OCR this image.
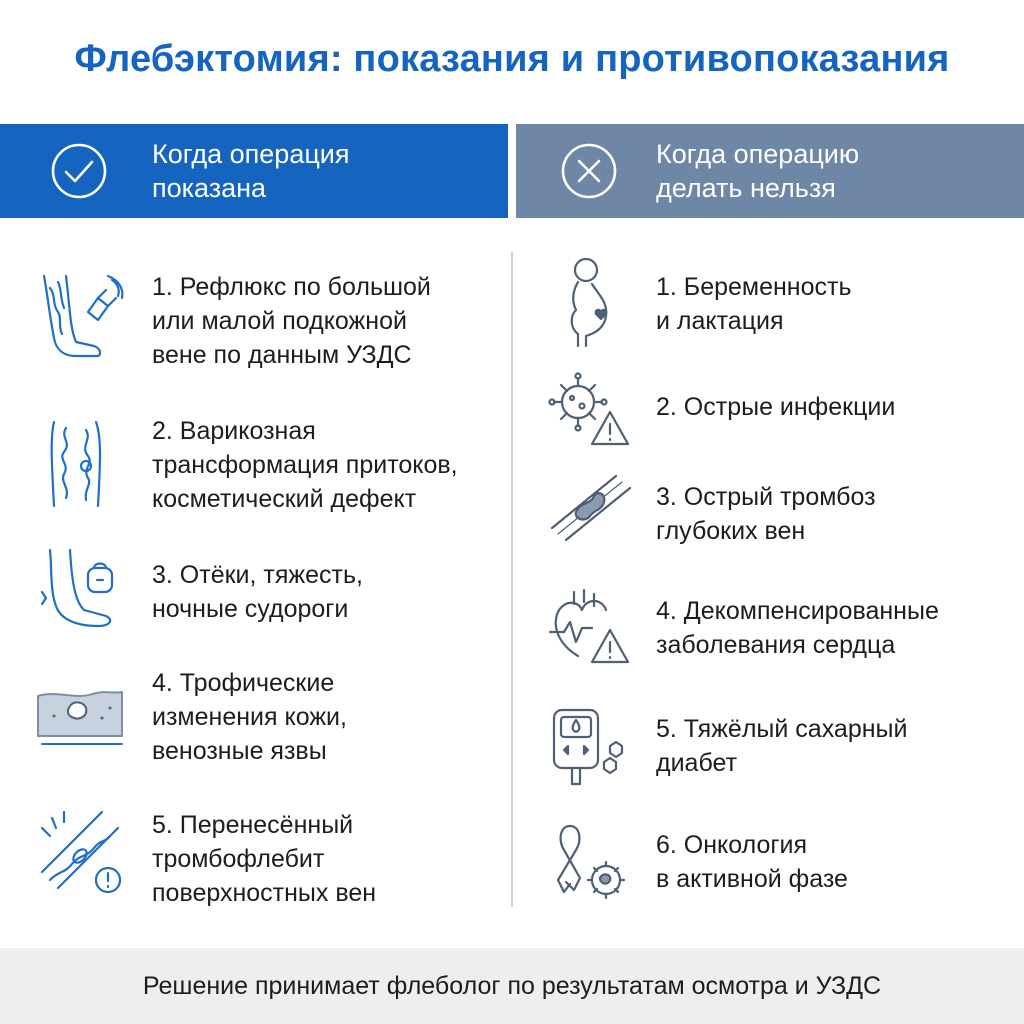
Флебэктомия: показания и противопоказания
Когда операция
показана
Когда операцию
делать нельзя
1. Рефлюкс по большой
или малой подкожной
вене по данным УЗДС
2. Варикозная
трансформация притоков,
косметический дефект
3. Отёки, тяжесть,
ночные судороги
4. Трофические
изменения кожи,
венозные язвы
5. Перенесённый
тромбофлебит
поверхностных вен
1. Беременность
и лактация
2. Острые инфекции
3. Острый тромбоз
глубоких вен
4. Декомпенсированные
заболевания сердца
5. Тяжёлый сахарный
диабет
6. Онкология
в активной фазе
Решение принимает флеболог по результатам осмотра и УЗДС
